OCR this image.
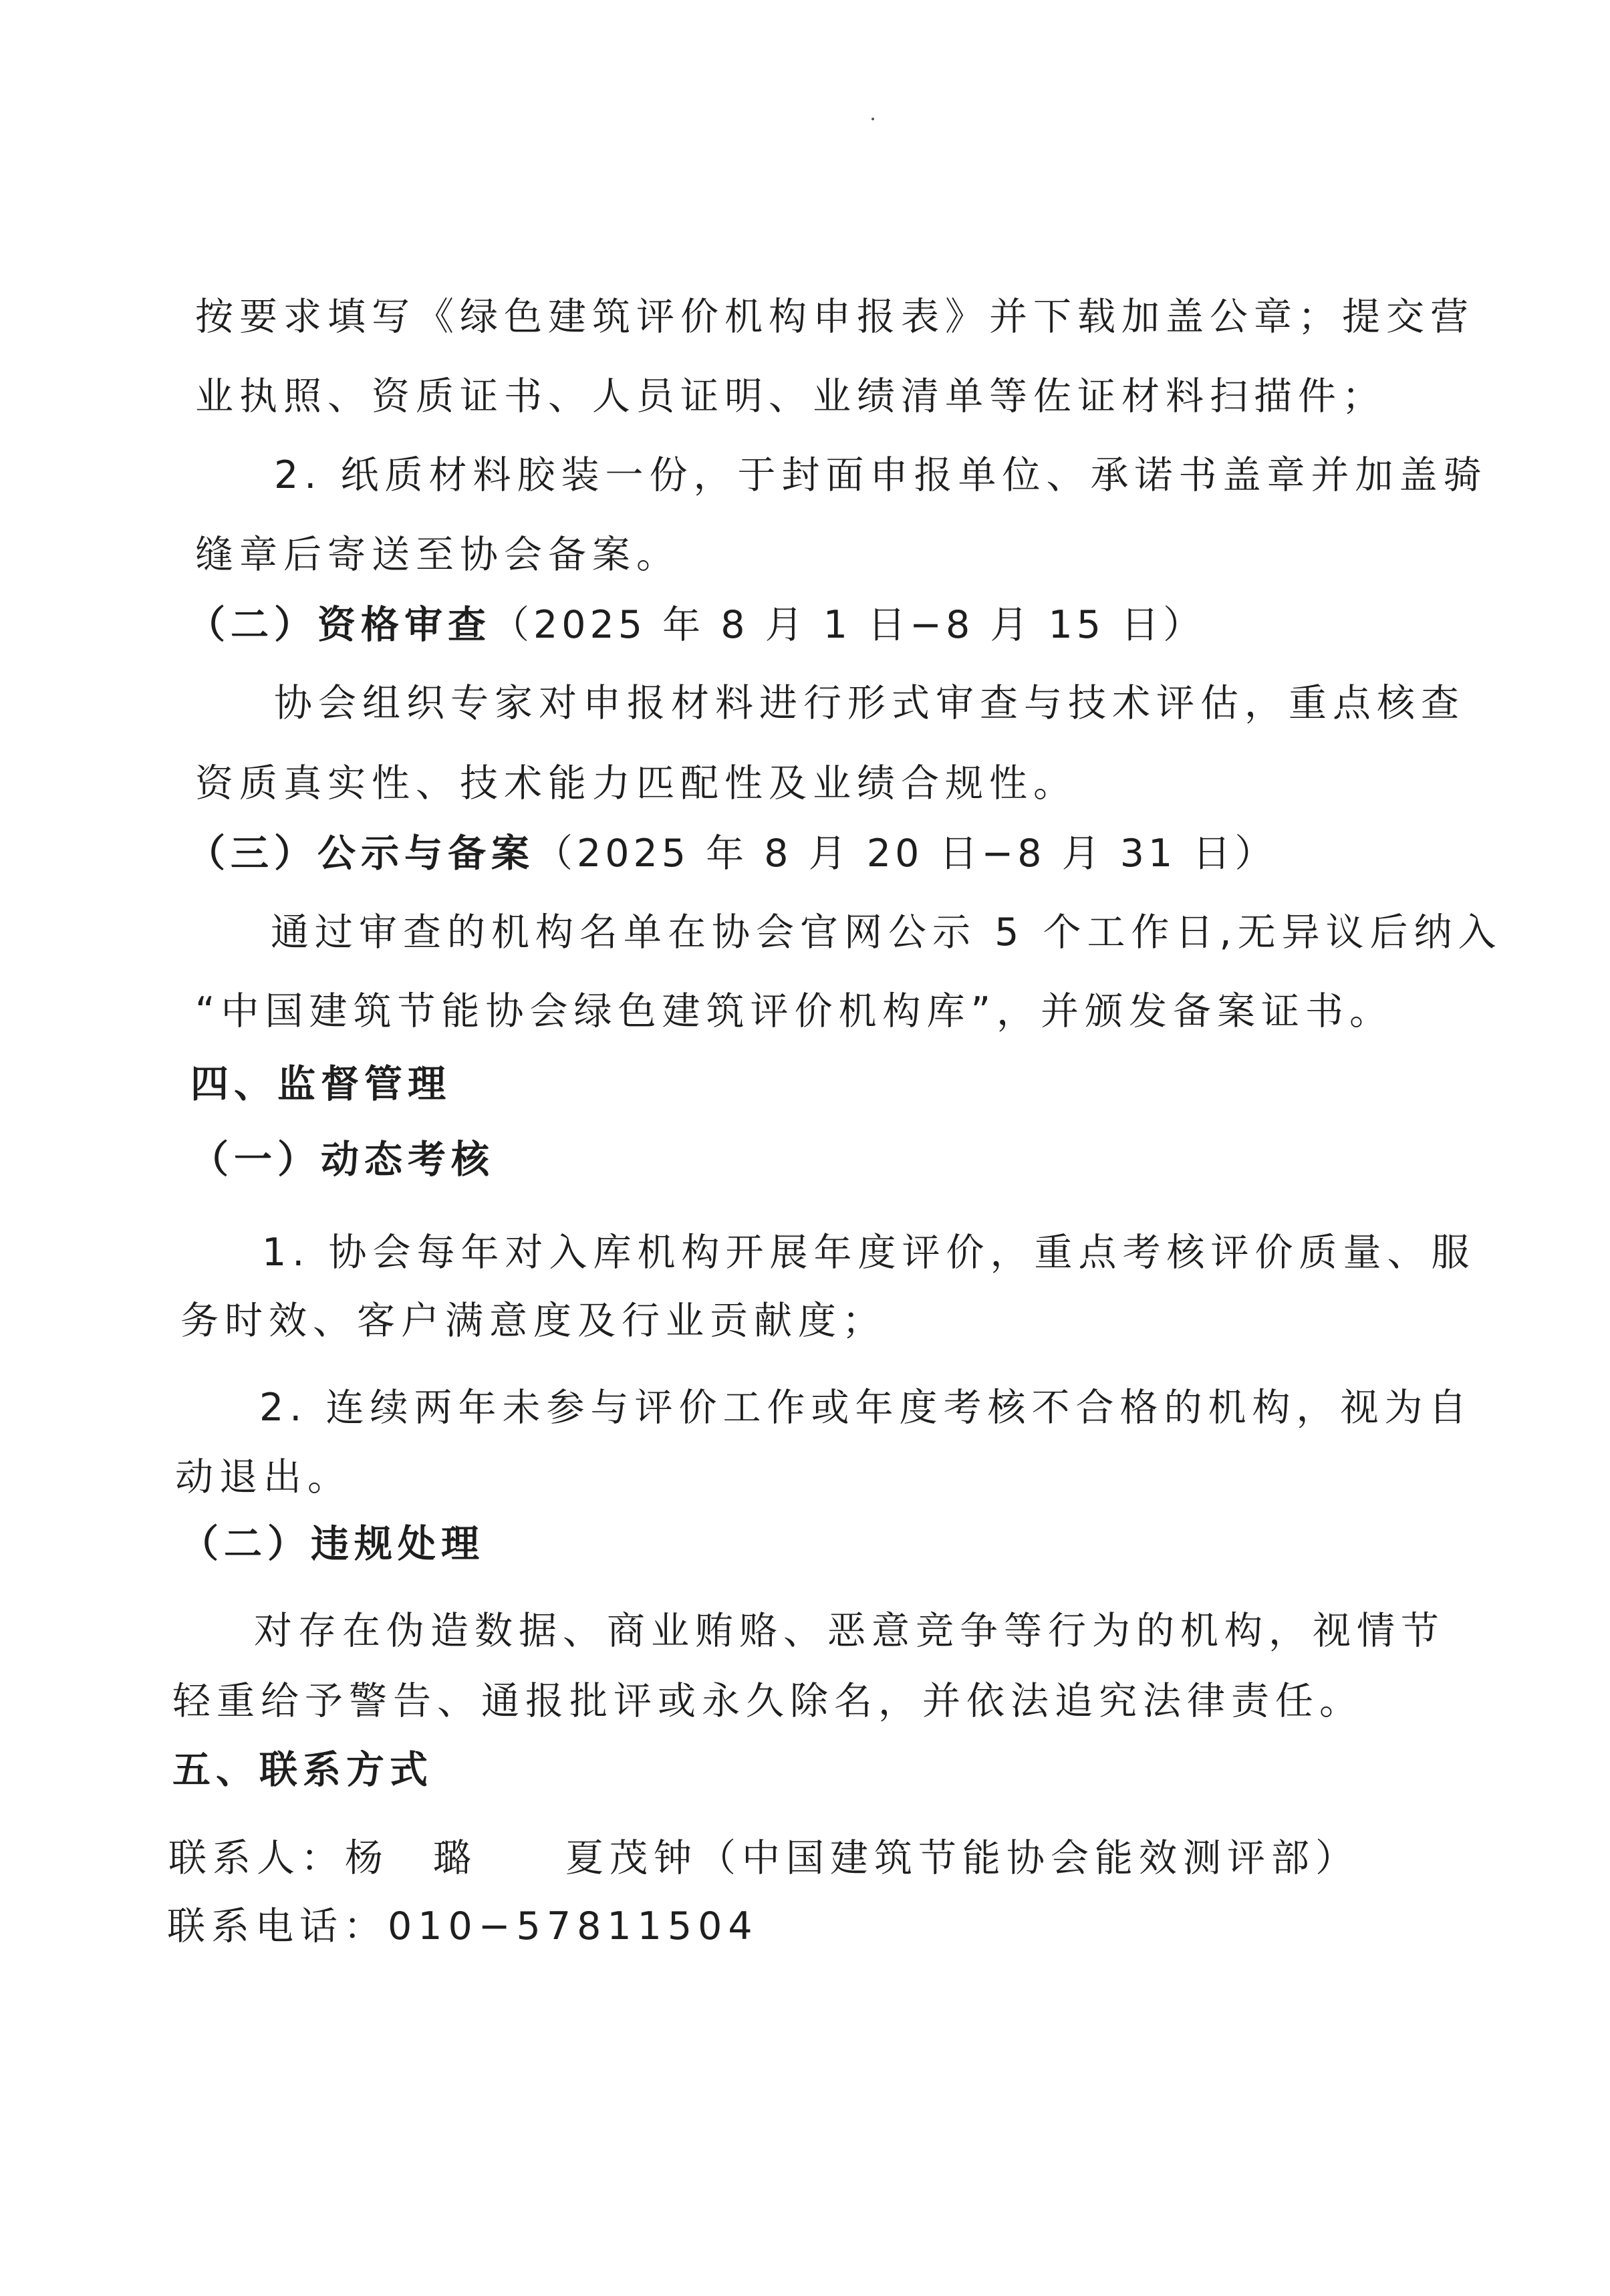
按要求填写《绿色建筑评价机构申报表》并下载加盖公章；提交营
业执照、资质证书、人员证明、业绩清单等佐证材料扫描件；
2. 纸质材料胶装一份，于封面申报单位、承诺书盖章并加盖骑
缝章后寄送至协会备案。
（二）资格审查（2025 年 8 月 1 日−8 月 15 日）
协会组织专家对申报材料进行形式审查与技术评估，重点核查
资质真实性、技术能力匹配性及业绩合规性。
（三）公示与备案（2025 年 8 月 20 日−8 月 31 日）
通过审查的机构名单在协会官网公示 5 个工作日,无异议后纳入
“中国建筑节能协会绿色建筑评价机构库”，并颁发备案证书。
四、监督管理
（一）动态考核
1. 协会每年对入库机构开展年度评价，重点考核评价质量、服
务时效、客户满意度及行业贡献度；
2. 连续两年未参与评价工作或年度考核不合格的机构，视为自
动退出。
（二）违规处理
对存在伪造数据、商业贿赂、恶意竞争等行为的机构，视情节
轻重给予警告、通报批评或永久除名，并依法追究法律责任。
五、联系方式
联系人：杨　璐　　夏茂钟（中国建筑节能协会能效测评部）
联系电话：010−57811504
